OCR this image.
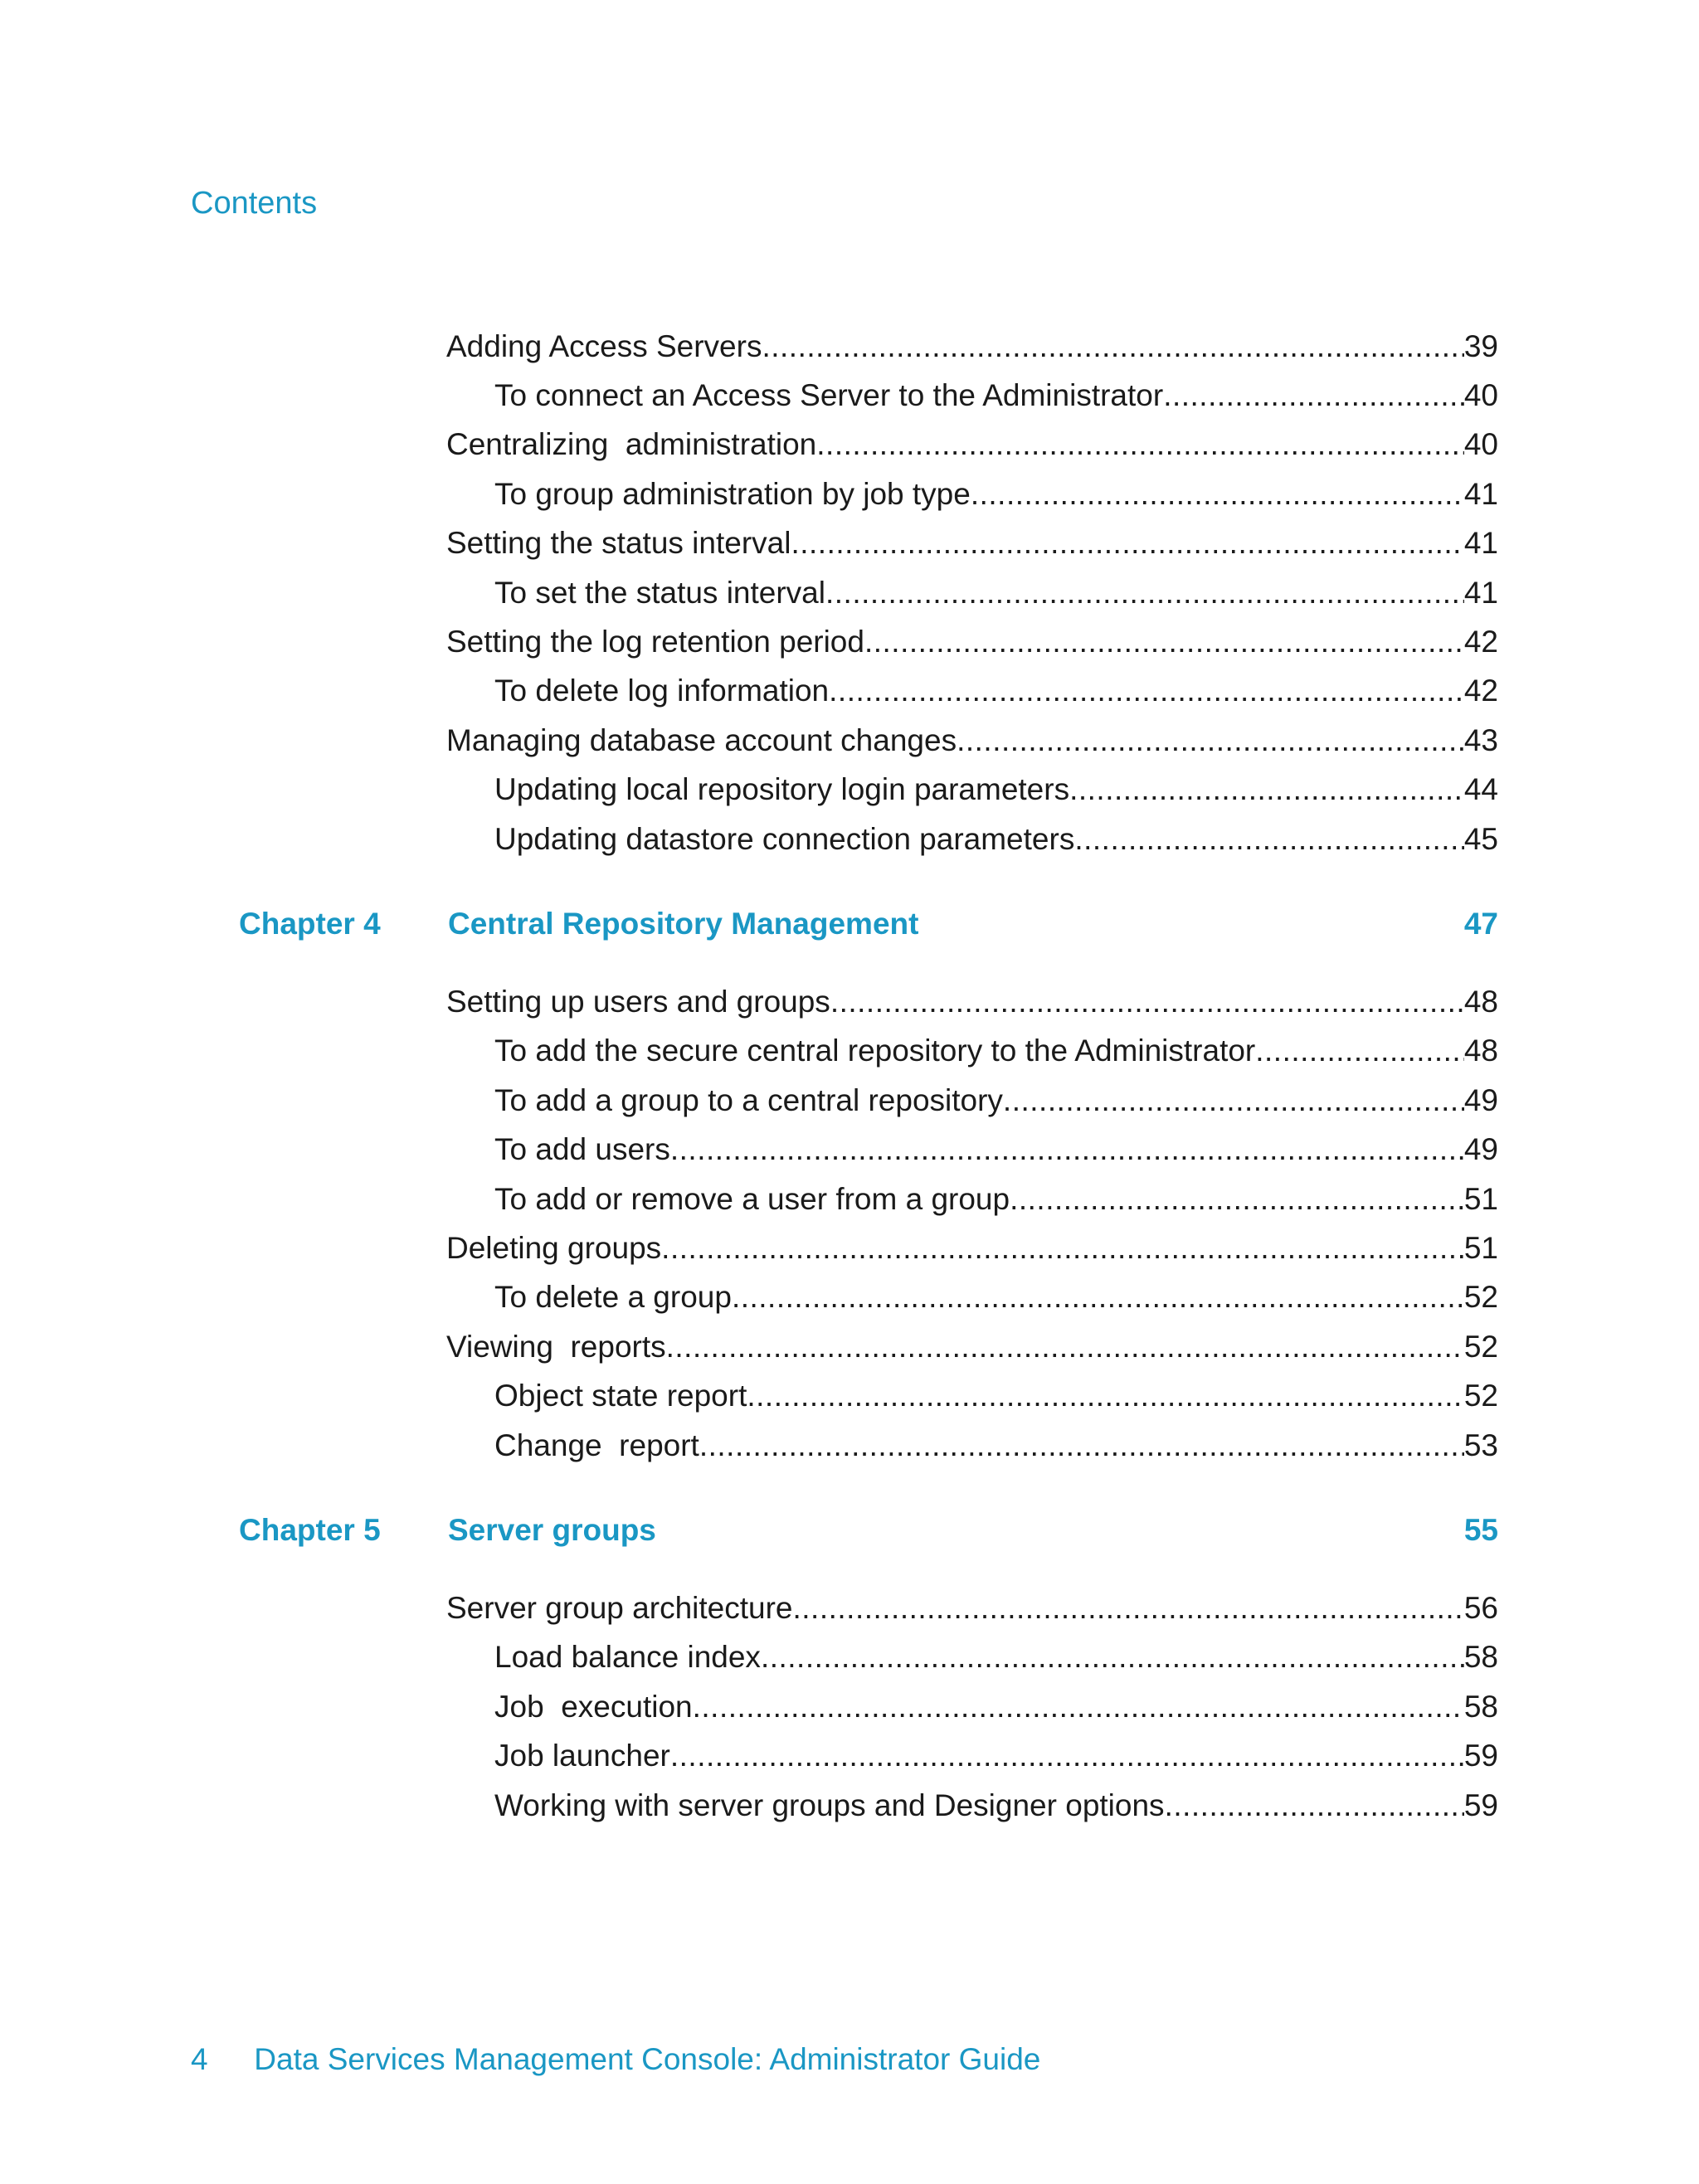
Contents
Adding Access Servers .....	39
To connect an Access Server to the Administrator .....	40
Centralizing  administration .....	40
To group administration by job type .....	41
Setting the status interval .....	41
To set the status interval .....	41
Setting the log retention period .....	42
To delete log information .....	42
Managing database account changes .....	43
Updating local repository login parameters .....	44
Updating datastore connection parameters .....	45
Chapter 4 Central Repository Management	47
Setting up users and groups .....	48
To add the secure central repository to the Administrator .....	48
To add a group to a central repository .....	49
To add users .....	49
To add or remove a user from a group .....	51
Deleting groups .....	51
To delete a group .....	52
Viewing  reports .....	52
Object state report .....	52
Change  report .....	53
Chapter 5 Server groups	55
Server group architecture .....	56
Load balance index .....	58
Job  execution .....	58
Job launcher .....	59
Working with server groups and Designer options .....	59
4 Data Services Management Console: Administrator Guide
